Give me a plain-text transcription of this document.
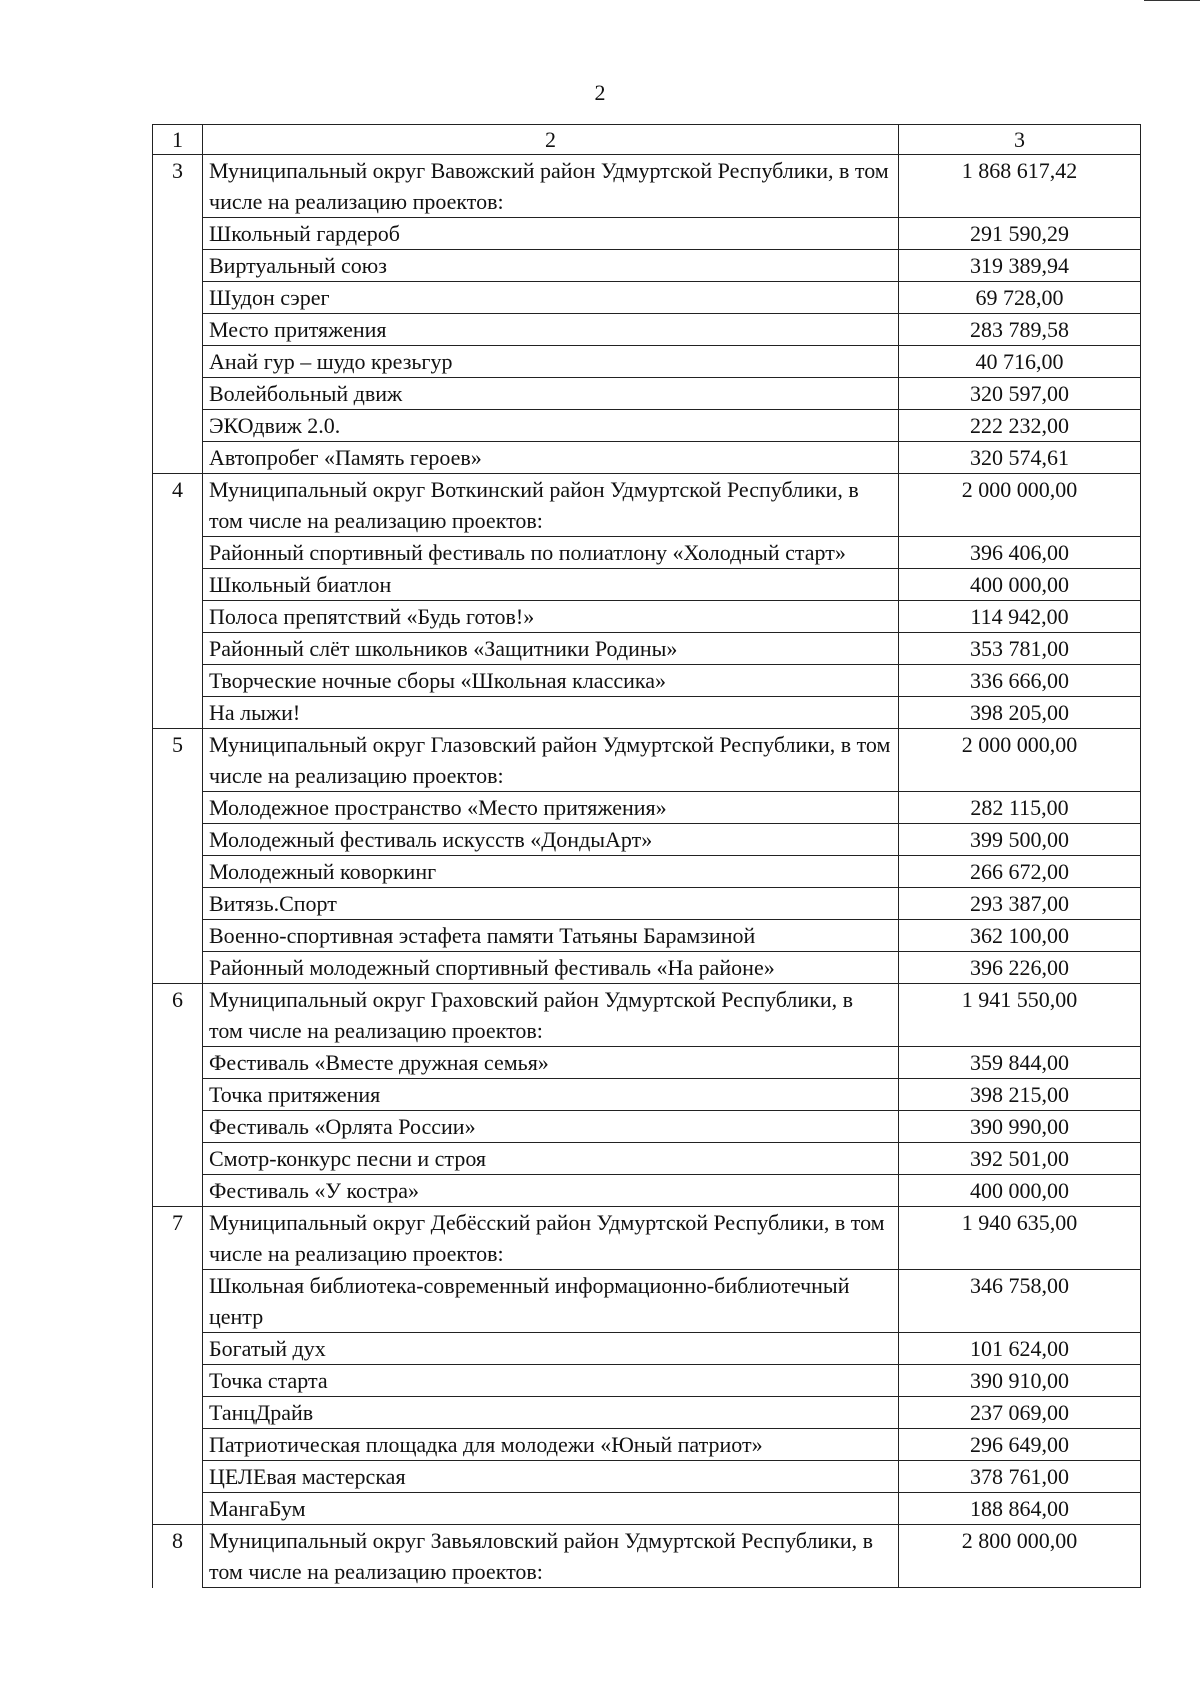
2
1	2	3
3	Муниципальный округ Вавожский район Удмуртской Республики, в том числе на реализацию проектов:	1 868 617,42
	Школьный гардероб	291 590,29
	Виртуальный союз	319 389,94
	Шудон сэрег	69 728,00
	Место притяжения	283 789,58
	Анай гур – шудо крезьгур	40 716,00
	Волейбольный движ	320 597,00
	ЭКОдвиж 2.0.	222 232,00
	Автопробег «Память героев»	320 574,61
4	Муниципальный округ Воткинский район Удмуртской Республики, в том числе на реализацию проектов:	2 000 000,00
	Районный спортивный фестиваль по полиатлону «Холодный старт»	396 406,00
	Школьный биатлон	400 000,00
	Полоса препятствий «Будь готов!»	114 942,00
	Районный слёт школьников «Защитники Родины»	353 781,00
	Творческие ночные сборы «Школьная классика»	336 666,00
	На лыжи!	398 205,00
5	Муниципальный округ Глазовский район Удмуртской Республики, в том числе на реализацию проектов:	2 000 000,00
	Молодежное пространство «Место притяжения»	282 115,00
	Молодежный фестиваль искусств «ДондыАрт»	399 500,00
	Молодежный коворкинг	266 672,00
	Витязь.Спорт	293 387,00
	Военно-спортивная эстафета памяти Татьяны Барамзиной	362 100,00
	Районный молодежный спортивный фестиваль «На районе»	396 226,00
6	Муниципальный округ Граховский район Удмуртской Республики, в том числе на реализацию проектов:	1 941 550,00
	Фестиваль «Вместе дружная семья»	359 844,00
	Точка притяжения	398 215,00
	Фестиваль «Орлята России»	390 990,00
	Смотр-конкурс песни и строя	392 501,00
	Фестиваль «У костра»	400 000,00
7	Муниципальный округ Дебёсский район Удмуртской Республики, в том числе на реализацию проектов:	1 940 635,00
	Школьная библиотека-современный информационно-библиотечный центр	346 758,00
	Богатый дух	101 624,00
	Точка старта	390 910,00
	ТанцДрайв	237 069,00
	Патриотическая площадка для молодежи «Юный патриот»	296 649,00
	ЦЕЛЕвая мастерская	378 761,00
	МангаБум	188 864,00
8	Муниципальный округ Завьяловский район Удмуртской Республики, в том числе на реализацию проектов:	2 800 000,00
